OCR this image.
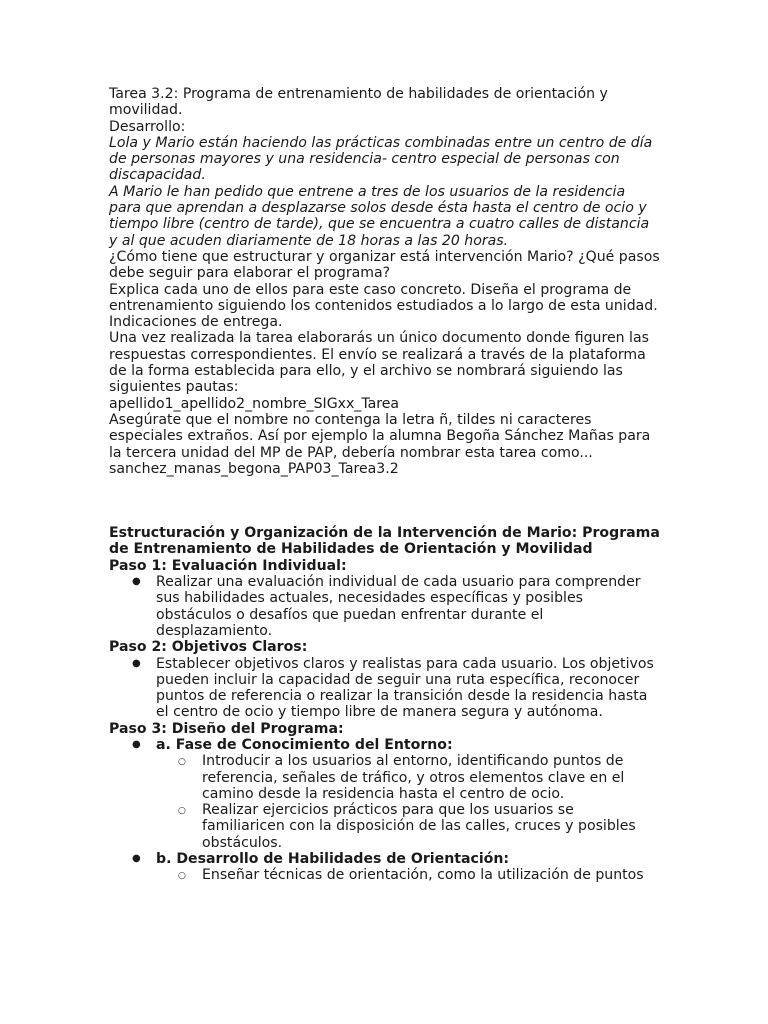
Tarea 3.2: Programa de entrenamiento de habilidades de orientación y movilidad.
Desarrollo:
Lola y Mario están haciendo las prácticas combinadas entre un centro de día de personas mayores y una residencia- centro especial de personas con discapacidad.
A Mario le han pedido que entrene a tres de los usuarios de la residencia para que aprendan a desplazarse solos desde ésta hasta el centro de ocio y tiempo libre (centro de tarde), que se encuentra a cuatro calles de distancia y al que acuden diariamente de 18 horas a las 20 horas.
¿Cómo tiene que estructurar y organizar está intervención Mario? ¿Qué pasos debe seguir para elaborar el programa?
Explica cada uno de ellos para este caso concreto. Diseña el programa de entrenamiento siguiendo los contenidos estudiados a lo largo de esta unidad.
Indicaciones de entrega.
Una vez realizada la tarea elaborarás un único documento donde figuren las respuestas correspondientes. El envío se realizará a través de la plataforma de la forma establecida para ello, y el archivo se nombrará siguiendo las siguientes pautas:
apellido1_apellido2_nombre_SIGxx_Tarea
Asegúrate que el nombre no contenga la letra ñ, tildes ni caracteres especiales extraños. Así por ejemplo la alumna Begoña Sánchez Mañas para la tercera unidad del MP de PAP, debería nombrar esta tarea como...
sanchez_manas_begona_PAP03_Tarea3.2
Estructuración y Organización de la Intervención de Mario: Programa de Entrenamiento de Habilidades de Orientación y Movilidad
Paso 1: Evaluación Individual:
● Realizar una evaluación individual de cada usuario para comprender sus habilidades actuales, necesidades específicas y posibles obstáculos o desafíos que puedan enfrentar durante el desplazamiento.
Paso 2: Objetivos Claros:
● Establecer objetivos claros y realistas para cada usuario. Los objetivos pueden incluir la capacidad de seguir una ruta específica, reconocer puntos de referencia o realizar la transición desde la residencia hasta el centro de ocio y tiempo libre de manera segura y autónoma.
Paso 3: Diseño del Programa:
● a. Fase de Conocimiento del Entorno:
○ Introducir a los usuarios al entorno, identificando puntos de referencia, señales de tráfico, y otros elementos clave en el camino desde la residencia hasta el centro de ocio.
○ Realizar ejercicios prácticos para que los usuarios se familiaricen con la disposición de las calles, cruces y posibles obstáculos.
● b. Desarrollo de Habilidades de Orientación:
○ Enseñar técnicas de orientación, como la utilización de puntos
